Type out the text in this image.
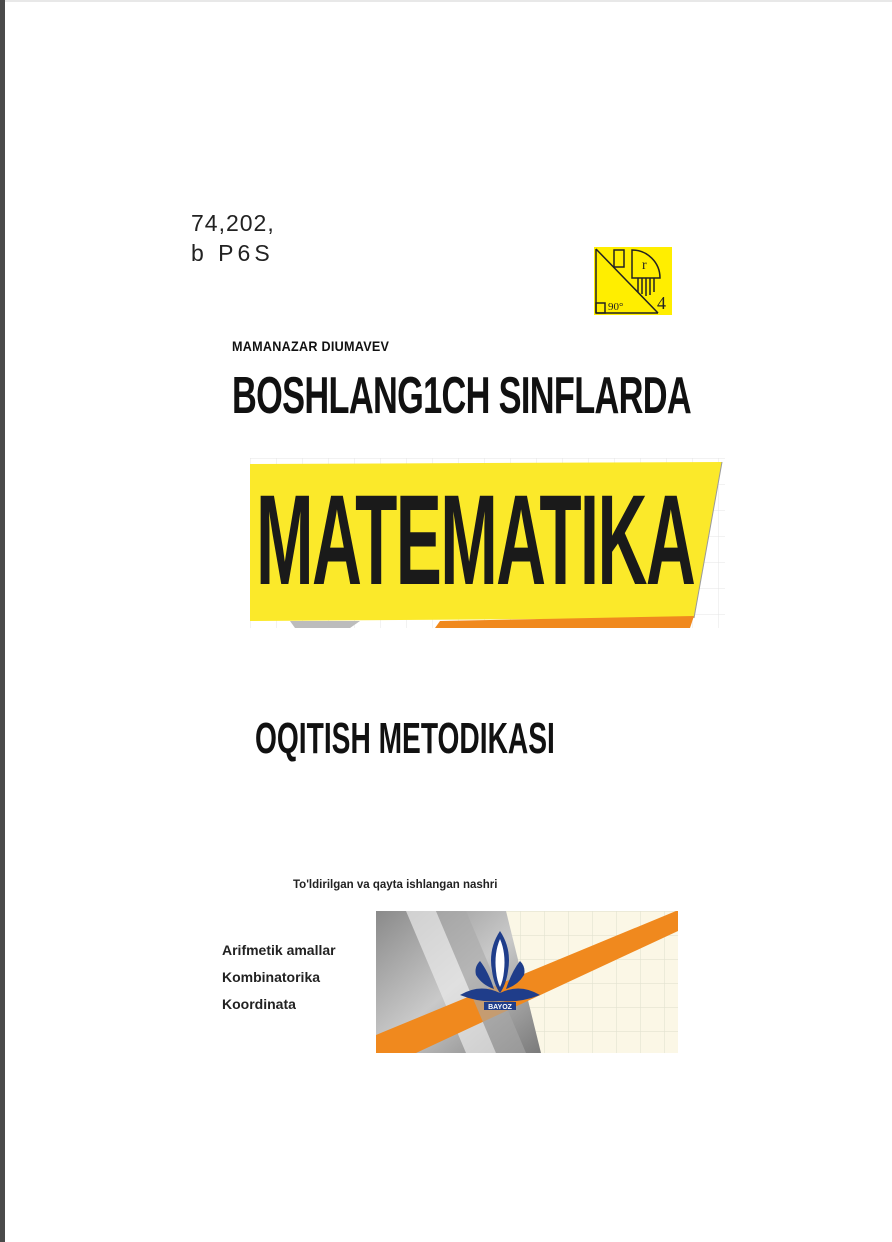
74,202,
b P6S	r
90° 4
MAMANAZAR DIUMAVEV
BOSHLANG1CH SINFLARDA
MATEMATIKA
OQITISH METODIKASI
To'ldirilgan va qayta ishlangan nashri
Arifmetik amallar
Kombinatorika
Koordinata	BAYOZ
